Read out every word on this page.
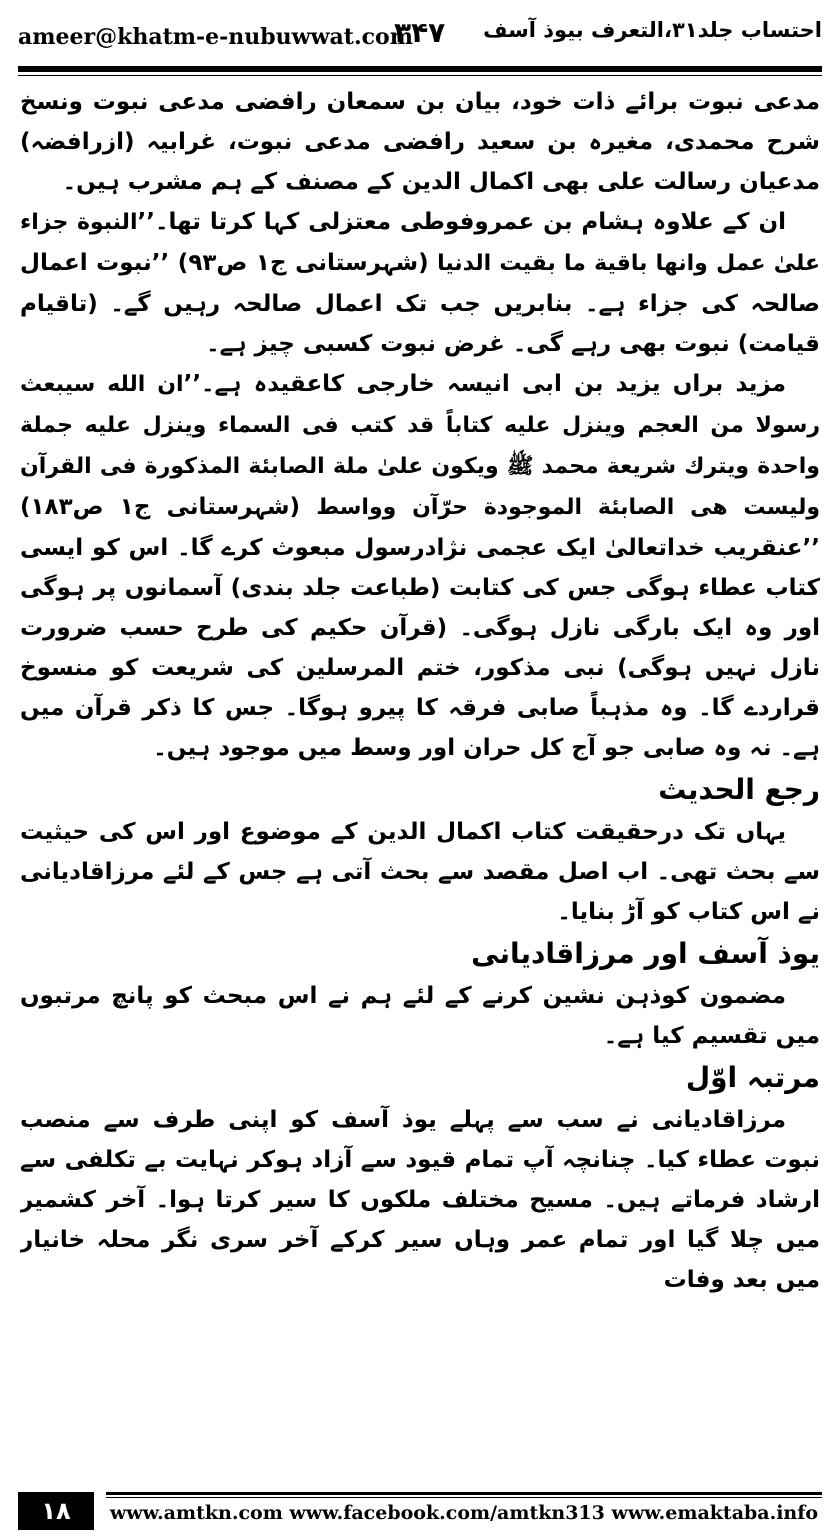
ameer@khatm-e-nubuwwat.com
۳۴۷ احتساب جلد۳۱،التعرف بیوذ آسف

مدعی نبوت برائے ذات خود، بیان بن سمعان رافضی مدعی نبوت ونسخ شرح محمدی، مغیرہ بن سعید رافضی مدعی نبوت، غرابیہ (ازرافضہ) مدعیان رسالت علی بھی اکمال الدین کے مصنف کے ہم مشرب ہیں۔

ان کے علاوہ ہشام بن عمروفوطی معتزلی کہا کرتا تھا۔’’النبوة جزاء علیٰ عمل وانها باقية ما بقيت الدنيا (شہرستانی ج۱ ص۹۳) ’’نبوت اعمال صالحہ کی جزاء ہے۔ بنابریں جب تک اعمال صالحہ رہیں گے۔ (تاقیام قیامت) نبوت بھی رہے گی۔ غرض نبوت کسبی چیز ہے۔

مزید براں یزید بن ابی انیسہ خارجی کاعقیدہ ہے۔’’ان الله سيبعث رسولا من العجم وينزل عليه كتاباً قد كتب فى السماء وينزل عليه جملة واحدة ويترك شريعة محمد ﷺ ويكون علىٰ ملة الصابئة المذكورة فى القرآن وليست هى الصابئة الموجودة حرّآن وواسط (شہرستانی ج۱ ص۱۸۳) ’’عنقریب خداتعالیٰ ایک عجمی نژادرسول مبعوث کرے گا۔ اس کو ایسی کتاب عطاء ہوگی جس کی کتابت (طباعت جلد بندی) آسمانوں پر ہوگی اور وہ ایک بارگی نازل ہوگی۔ (قرآن حکیم کی طرح حسب ضرورت نازل نہیں ہوگی) نبی مذکور، ختم المرسلین کی شریعت کو منسوخ قراردے گا۔ وہ مذہباً صابی فرقہ کا پیرو ہوگا۔ جس کا ذکر قرآن میں ہے۔ نہ وہ صابی جو آج کل حران اور وسط میں موجود ہیں۔

رجع الحدیث

یہاں تک درحقیقت کتاب اکمال الدین کے موضوع اور اس کی حیثیت سے بحث تھی۔ اب اصل مقصد سے بحث آتی ہے جس کے لئے مرزاقادیانی نے اس کتاب کو آڑ بنایا۔

یوذ آسف اور مرزاقادیانی

مضمون کوذہن نشین کرنے کے لئے ہم نے اس مبحث کو پانچ مرتبوں میں تقسیم کیا ہے۔

مرتبہ اوّل

مرزاقادیانی نے سب سے پہلے یوذ آسف کو اپنی طرف سے منصب نبوت عطاء کیا۔ چنانچہ آپ تمام قیود سے آزاد ہوکر نہایت بے تکلفی سے ارشاد فرماتے ہیں۔ مسیح مختلف ملکوں کا سیر کرتا ہوا۔ آخر کشمیر میں چلا گیا اور تمام عمر وہاں سیر کرکے آخر سری نگر محلہ خانیار میں بعد وفات

۱۸	www.amtkn.com www.facebook.com/amtkn313 www.emaktaba.info
